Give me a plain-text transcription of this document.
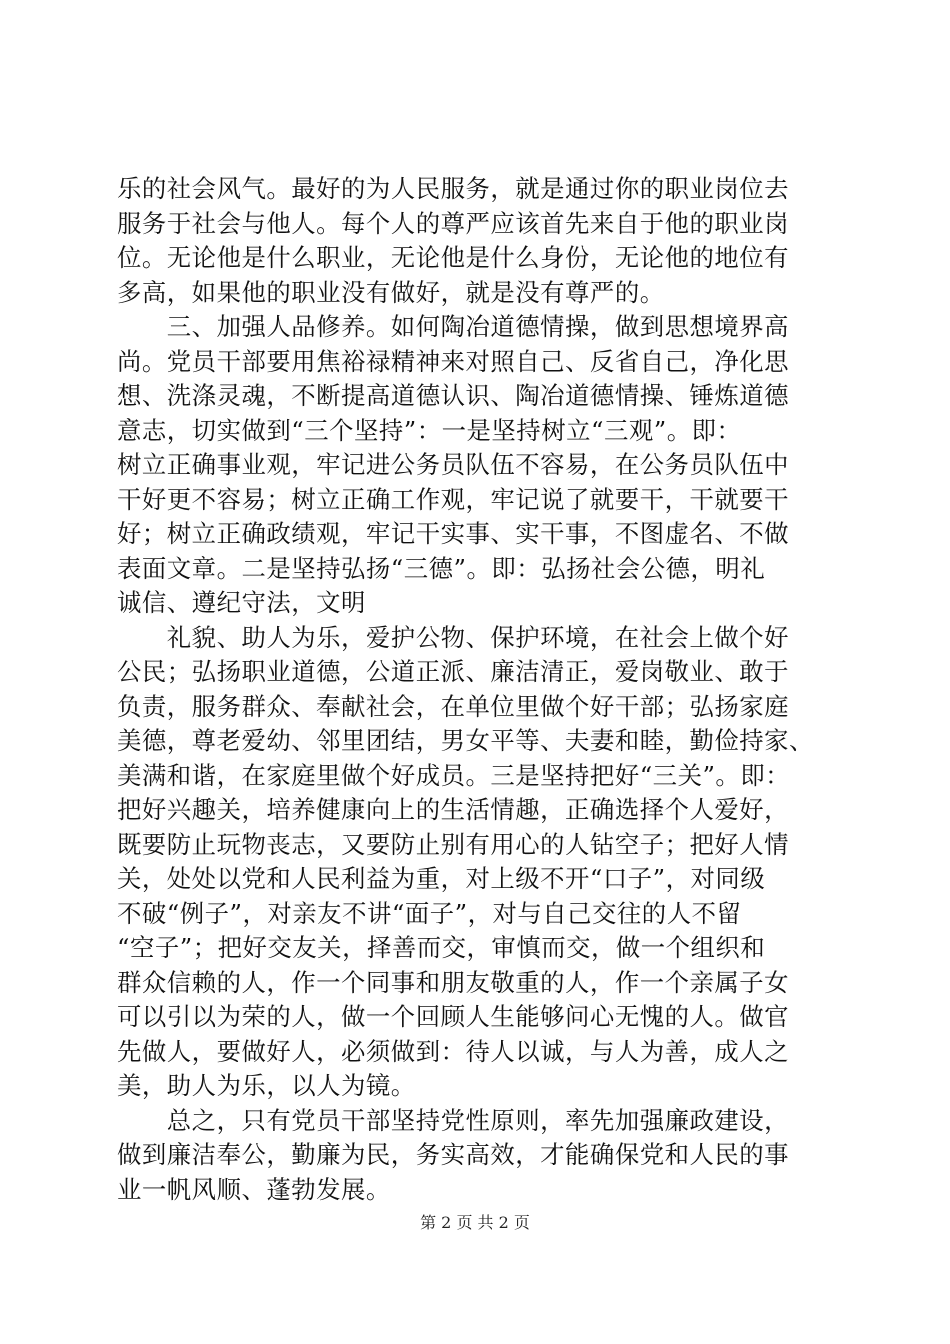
乐的社会风气。最好的为人民服务，就是通过你的职业岗位去
服务于社会与他人。每个人的尊严应该首先来自于他的职业岗
位。无论他是什么职业，无论他是什么身份，无论他的地位有
多高，如果他的职业没有做好，就是没有尊严的。
　　三、加强人品修养。如何陶冶道德情操，做到思想境界高
尚。党员干部要用焦裕禄精神来对照自己、反省自己，净化思
想、洗涤灵魂，不断提高道德认识、陶冶道德情操、锤炼道德
意志，切实做到“三个坚持”：一是坚持树立“三观”。即：
树立正确事业观，牢记进公务员队伍不容易，在公务员队伍中
干好更不容易；树立正确工作观，牢记说了就要干，干就要干
好；树立正确政绩观，牢记干实事、实干事，不图虚名、不做
表面文章。二是坚持弘扬“三德”。即：弘扬社会公德，明礼
诚信、遵纪守法，文明
　　礼貌、助人为乐，爱护公物、保护环境，在社会上做个好
公民；弘扬职业道德，公道正派、廉洁清正，爱岗敬业、敢于
负责，服务群众、奉献社会，在单位里做个好干部；弘扬家庭
美德，尊老爱幼、邻里团结，男女平等、夫妻和睦，勤俭持家、
美满和谐，在家庭里做个好成员。三是坚持把好“三关”。即：
把好兴趣关，培养健康向上的生活情趣，正确选择个人爱好，
既要防止玩物丧志，又要防止别有用心的人钻空子；把好人情
关，处处以党和人民利益为重，对上级不开“口子”，对同级
不破“例子”，对亲友不讲“面子”，对与自己交往的人不留
“空子”；把好交友关，择善而交，审慎而交，做一个组织和
群众信赖的人，作一个同事和朋友敬重的人，作一个亲属子女
可以引以为荣的人，做一个回顾人生能够问心无愧的人。做官
先做人，要做好人，必须做到：待人以诚，与人为善，成人之
美，助人为乐，以人为镜。
　　总之，只有党员干部坚持党性原则，率先加强廉政建设，
做到廉洁奉公，勤廉为民，务实高效，才能确保党和人民的事
业一帆风顺、蓬勃发展。
第 2 页 共 2 页
